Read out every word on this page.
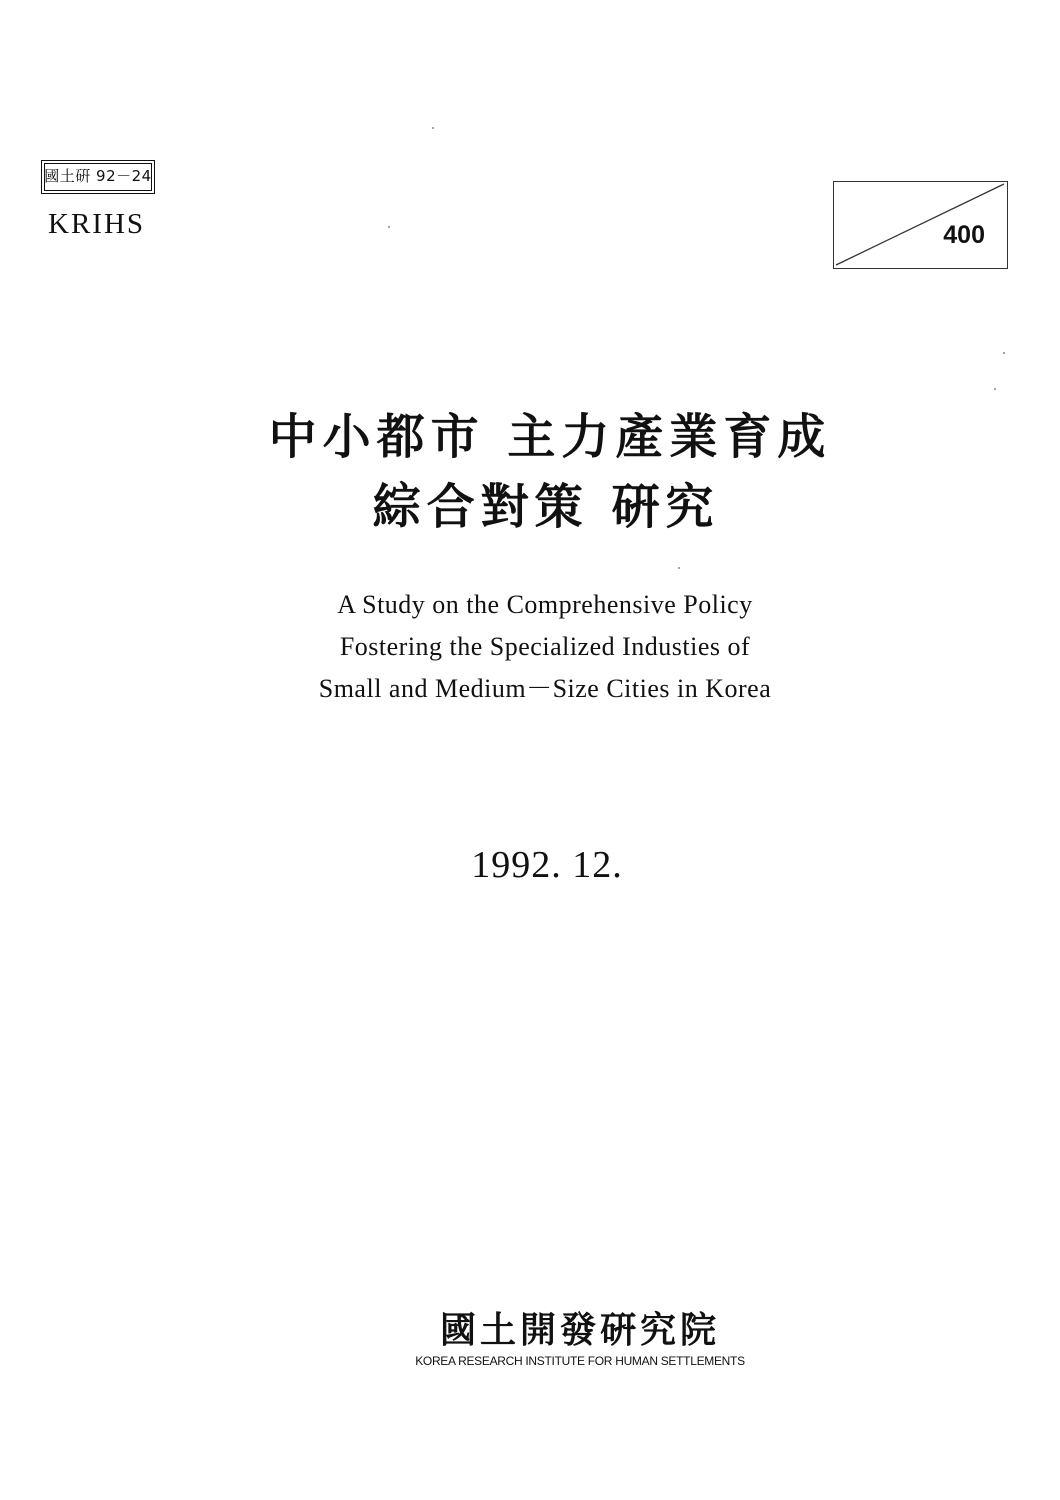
國土硏 92－24
KRIHS	400
中小都市 主力產業育成
綜合對策 硏究
A Study on the Comprehensive Policy
Fostering the Specialized Industies of
Small and Medium－Size Cities in Korea
1992. 12.
國土開發硏究院
KOREA RESEARCH INSTITUTE FOR HUMAN SETTLEMENTS
